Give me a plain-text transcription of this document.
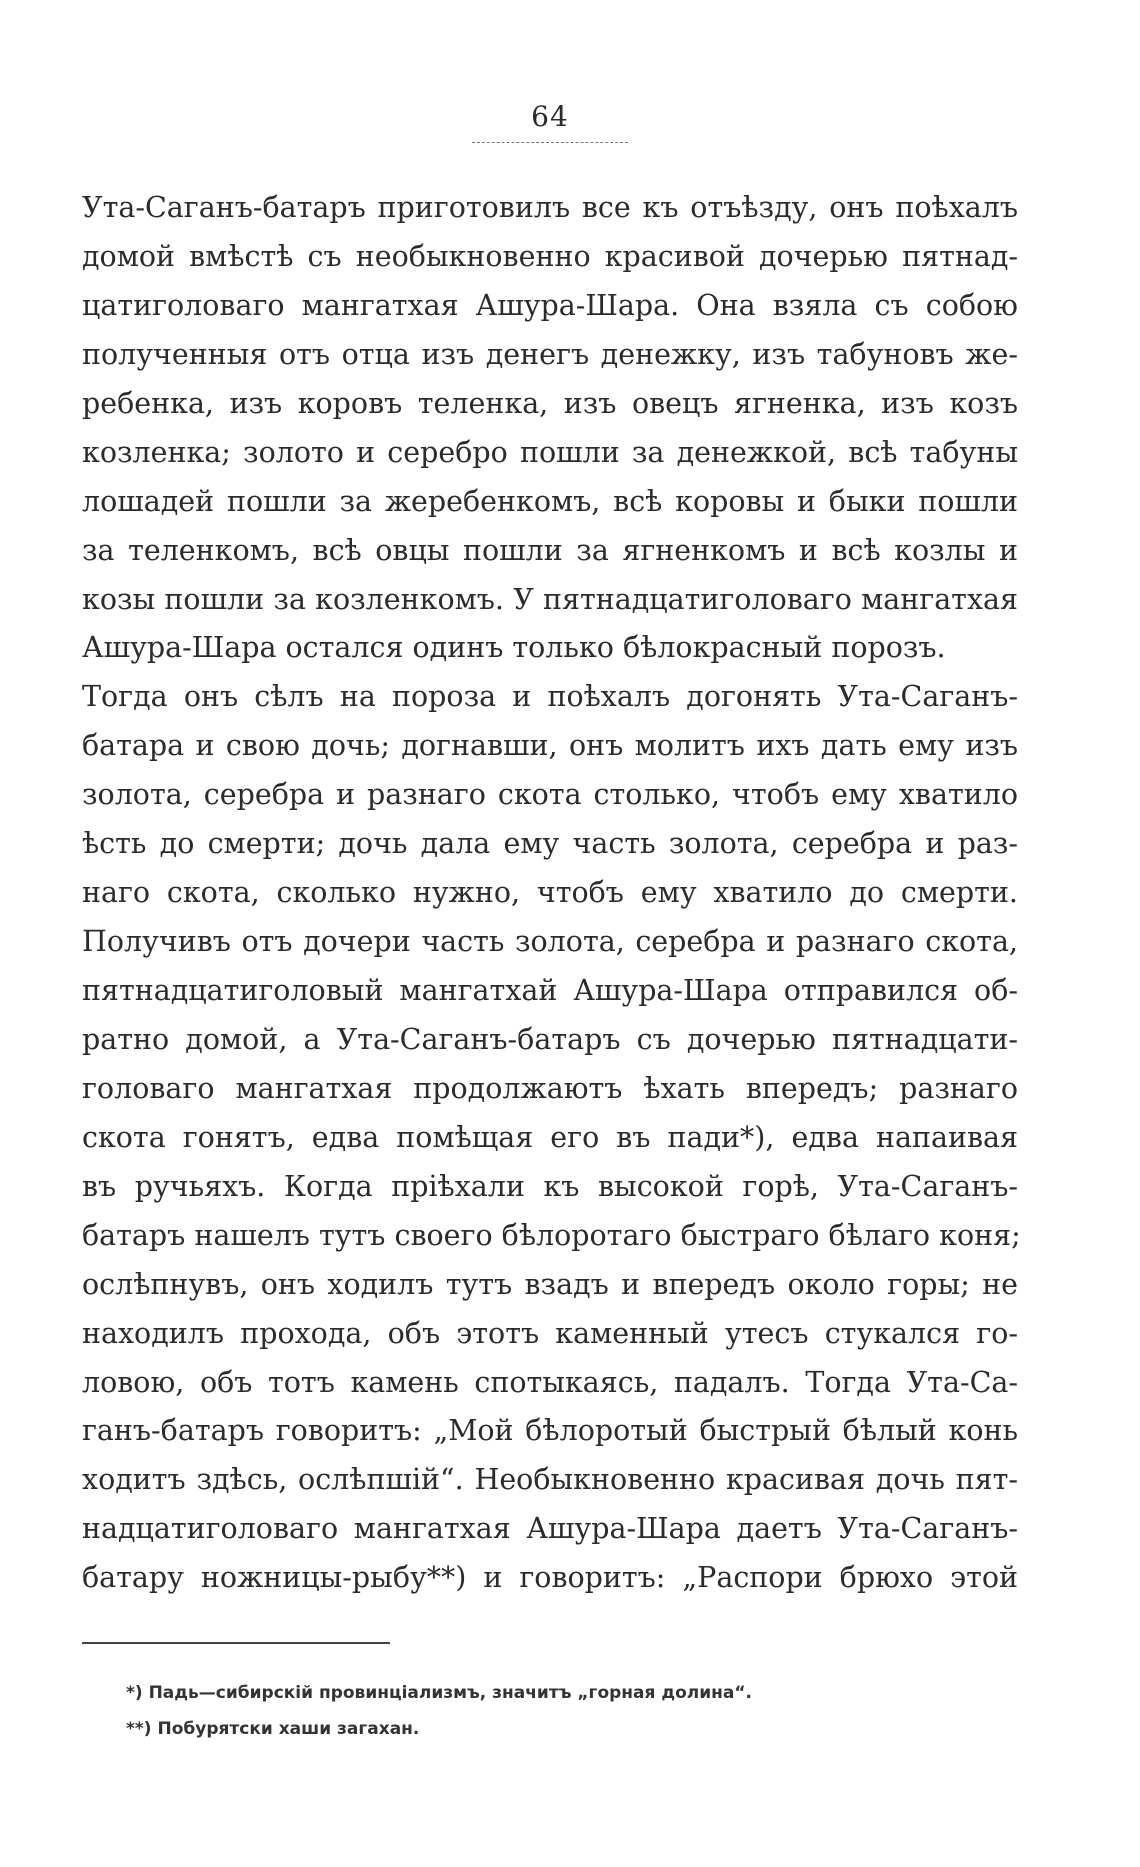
64
Ута-Саганъ-батаръ приготовилъ все къ отъѣзду, онъ поѣхалъ
домой вмѣстѣ съ необыкновенно красивой дочерью пятнад-
цатиголоваго мангатхая Ашура-Шара. Она взяла съ собою
полученныя отъ отца изъ денегъ денежку, изъ табуновъ же-
ребенка, изъ коровъ теленка, изъ овецъ ягненка, изъ козъ
козленка; золото и серебро пошли за денежкой, всѣ табуны
лошадей пошли за жеребенкомъ, всѣ коровы и быки пошли
за теленкомъ, всѣ овцы пошли за ягненкомъ и всѣ козлы и
козы пошли за козленкомъ. У пятнадцатиголоваго мангатхая
Ашура-Шара остался одинъ только бѣлокрасный порозъ.
Тогда онъ сѣлъ на пороза и поѣхалъ догонять Ута-Саганъ-
батара и свою дочь; догнавши, онъ молитъ ихъ дать ему изъ
золота, серебра и разнаго скота столько, чтобъ ему хватило
ѣсть до смерти; дочь дала ему часть золота, серебра и раз-
наго скота, сколько нужно, чтобъ ему хватило до смерти.
Получивъ отъ дочери часть золота, серебра и разнаго скота,
пятнадцатиголовый мангатхай Ашура-Шара отправился об-
ратно домой, а Ута-Саганъ-батаръ съ дочерью пятнадцати-
головаго мангатхая продолжаютъ ѣхать впередъ; разнаго
скота гонятъ, едва помѣщая его въ пади*), едва напаивая
въ ручьяхъ. Когда пріѣхали къ высокой горѣ, Ута-Саганъ-
батаръ нашелъ тутъ своего бѣлоротаго быстраго бѣлаго коня;
ослѣпнувъ, онъ ходилъ тутъ взадъ и впередъ около горы; не
находилъ прохода, объ этотъ каменный утесъ стукался го-
ловою, объ тотъ камень спотыкаясь, падалъ. Тогда Ута-Са-
ганъ-батаръ говоритъ: „Мой бѣлоротый быстрый бѣлый конь
ходитъ здѣсь, ослѣпшій“. Необыкновенно красивая дочь пят-
надцатиголоваго мангатхая Ашура-Шара даетъ Ута-Саганъ-
батару ножницы-рыбу**) и говоритъ: „Распори брюхо этой
*) Падь—сибирскій провинціализмъ, значитъ „горная долина“.
**) Побурятски хаши загахан.
